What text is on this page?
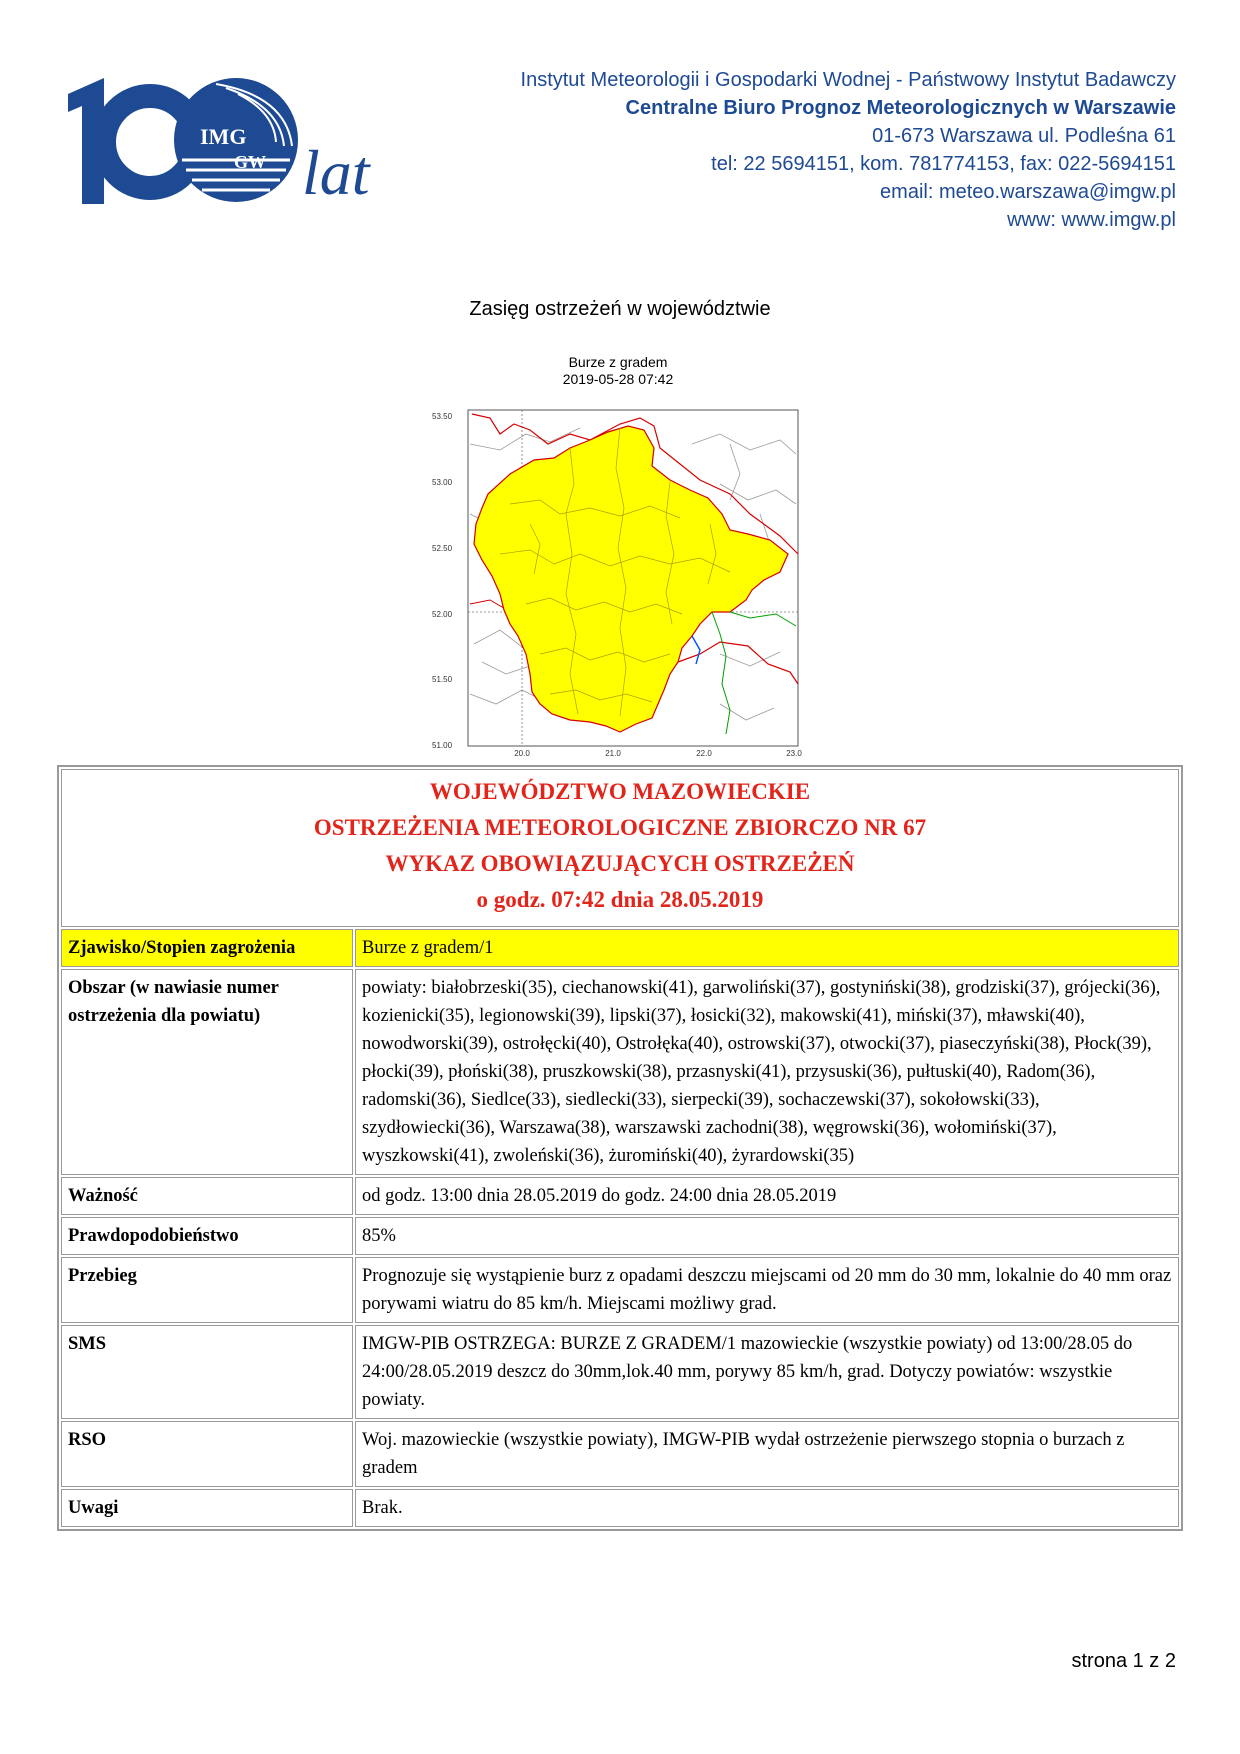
IMG
GW lat
Instytut Meteorologii i Gospodarki Wodnej - Państwowy Instytut Badawczy
Centralne Biuro Prognoz Meteorologicznych w Warszawie
01-673 Warszawa ul. Podleśna 61
tel: 22 5694151, kom. 781774153, fax: 022-5694151
email: meteo.warszawa@imgw.pl
www: www.imgw.pl
Zasięg ostrzeżeń w województwie
Burze z gradem
2019-05-28 07:42
53.50
53.00
52.50
52.00
51.50
51.00
20.0	21.0	22.0	23.0
WOJEWÓDZTWO MAZOWIECKIE
OSTRZEŻENIA METEOROLOGICZNE ZBIORCZO NR 67
WYKAZ OBOWIĄZUJĄCYCH OSTRZEŻEŃ
o godz. 07:42 dnia 28.05.2019	

Zjawisko/Stopien zagrożenia	Burze z gradem/1
Obszar (w nawiasie numer ostrzeżenia dla powiatu)	powiaty: białobrzeski(35), ciechanowski(41), garwoliński(37), gostyniński(38), grodziski(37), grójecki(36), kozienicki(35), legionowski(39), lipski(37), łosicki(32), makowski(41), miński(37), mławski(40), nowodworski(39), ostrołęcki(40), Ostrołęka(40), ostrowski(37), otwocki(37), piaseczyński(38), Płock(39), płocki(39), płoński(38), pruszkowski(38), przasnyski(41), przysuski(36), pułtuski(40), Radom(36), radomski(36), Siedlce(33), siedlecki(33), sierpecki(39), sochaczewski(37), sokołowski(33), szydłowiecki(36), Warszawa(38), warszawski zachodni(38), węgrowski(36), wołomiński(37), wyszkowski(41), zwoleński(36), żuromiński(40), żyrardowski(35)
Ważność	od godz. 13:00 dnia 28.05.2019 do godz. 24:00 dnia 28.05.2019
Prawdopodobieństwo	85%
Przebieg	Prognozuje się wystąpienie burz z opadami deszczu miejscami od 20 mm do 30 mm, lokalnie do 40 mm oraz porywami wiatru do 85 km/h. Miejscami możliwy grad.
SMS	IMGW-PIB OSTRZEGA: BURZE Z GRADEM/1 mazowieckie (wszystkie powiaty) od 13:00/28.05 do 24:00/28.05.2019 deszcz do 30mm,lok.40 mm, porywy 85 km/h, grad. Dotyczy powiatów: wszystkie powiaty.
RSO	Woj. mazowieckie (wszystkie powiaty), IMGW-PIB wydał ostrzeżenie pierwszego stopnia o burzach z gradem
Uwagi	Brak.
strona 1 z 2
